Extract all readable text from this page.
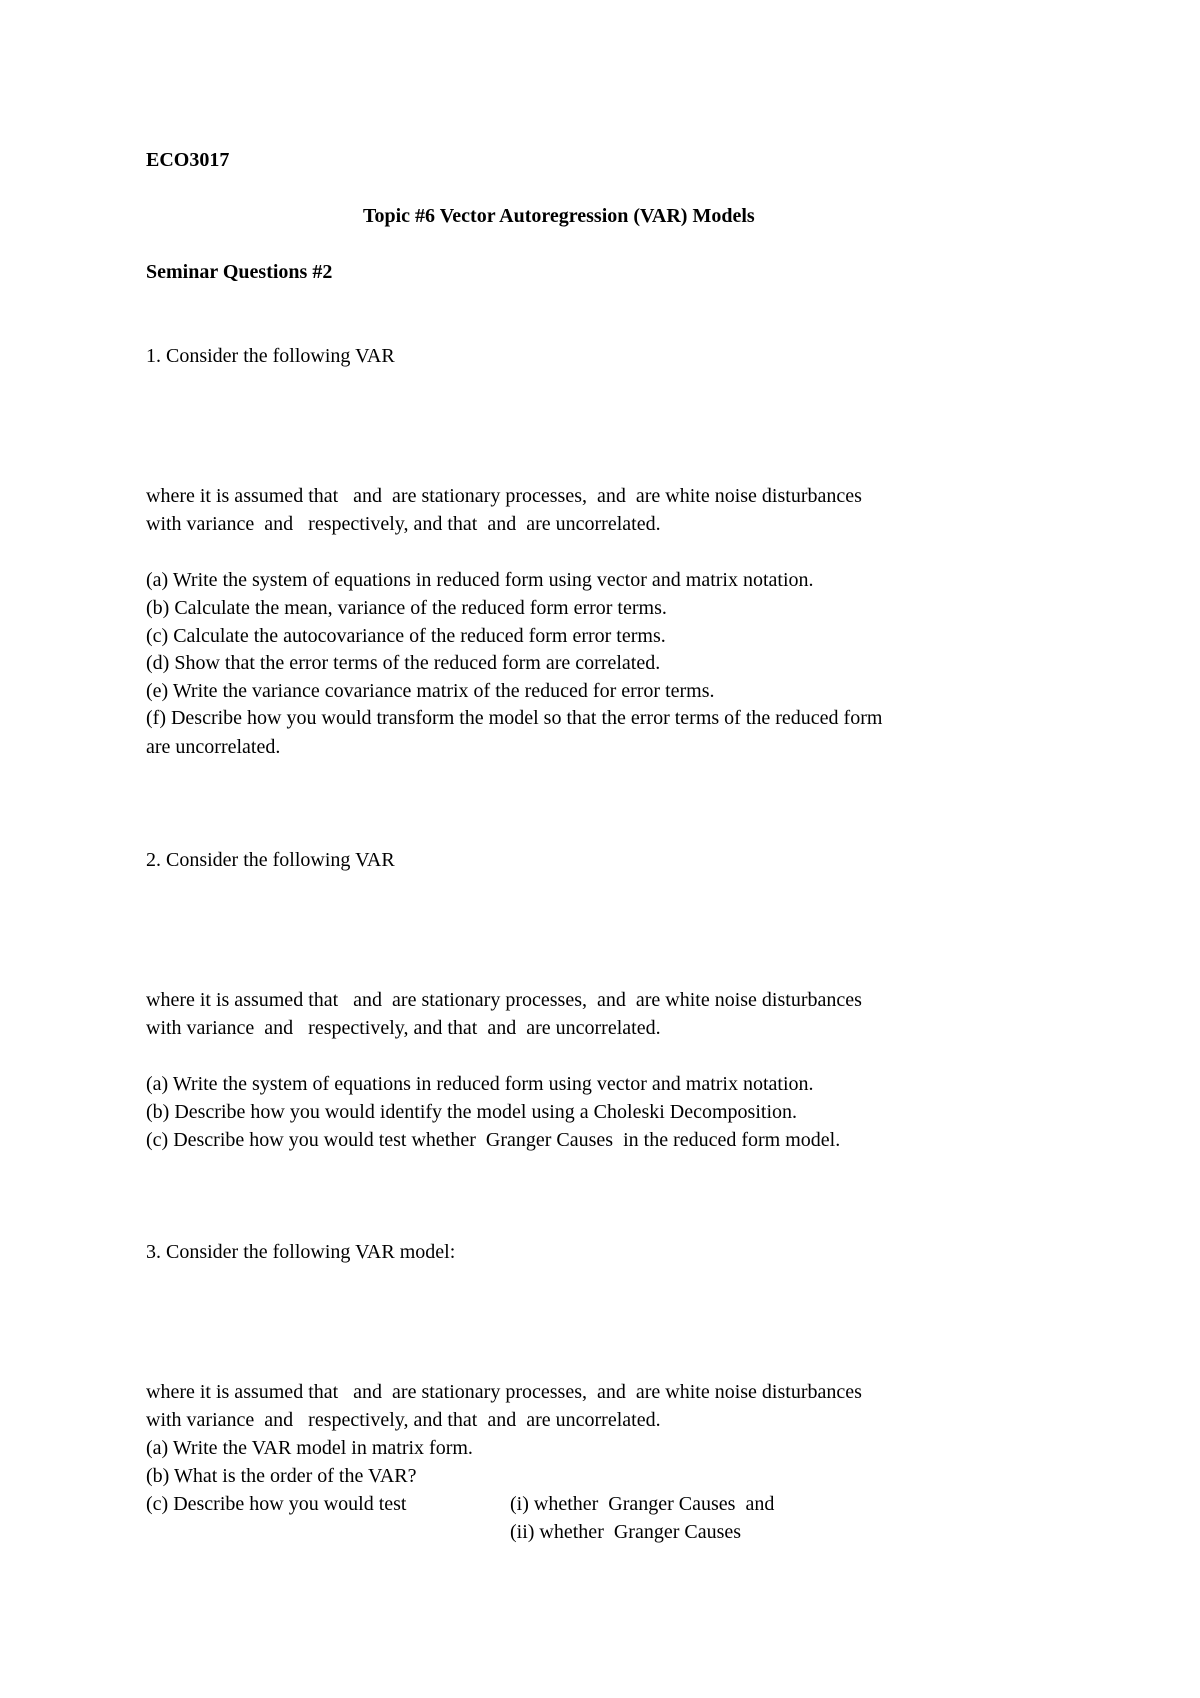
ECO3017
Topic #6 Vector Autoregression (VAR) Models
Seminar Questions #2
1. Consider the following VAR
where it is assumed that   and  are stationary processes,  and  are white noise disturbances
with variance  and   respectively, and that  and  are uncorrelated.
(a) Write the system of equations in reduced form using vector and matrix notation.
(b) Calculate the mean, variance of the reduced form error terms.
(c) Calculate the autocovariance of the reduced form error terms.
(d) Show that the error terms of the reduced form are correlated.
(e) Write the variance covariance matrix of the reduced for error terms.
(f) Describe how you would transform the model so that the error terms of the reduced form
are uncorrelated.
2. Consider the following VAR
where it is assumed that   and  are stationary processes,  and  are white noise disturbances
with variance  and   respectively, and that  and  are uncorrelated.
(a) Write the system of equations in reduced form using vector and matrix notation.
(b) Describe how you would identify the model using a Choleski Decomposition.
(c) Describe how you would test whether  Granger Causes  in the reduced form model.
3. Consider the following VAR model:
where it is assumed that   and  are stationary processes,  and  are white noise disturbances
with variance  and   respectively, and that  and  are uncorrelated.
(a) Write the VAR model in matrix form.
(b) What is the order of the VAR?
(c) Describe how you would test	(i) whether  Granger Causes  and
(ii) whether  Granger Causes
